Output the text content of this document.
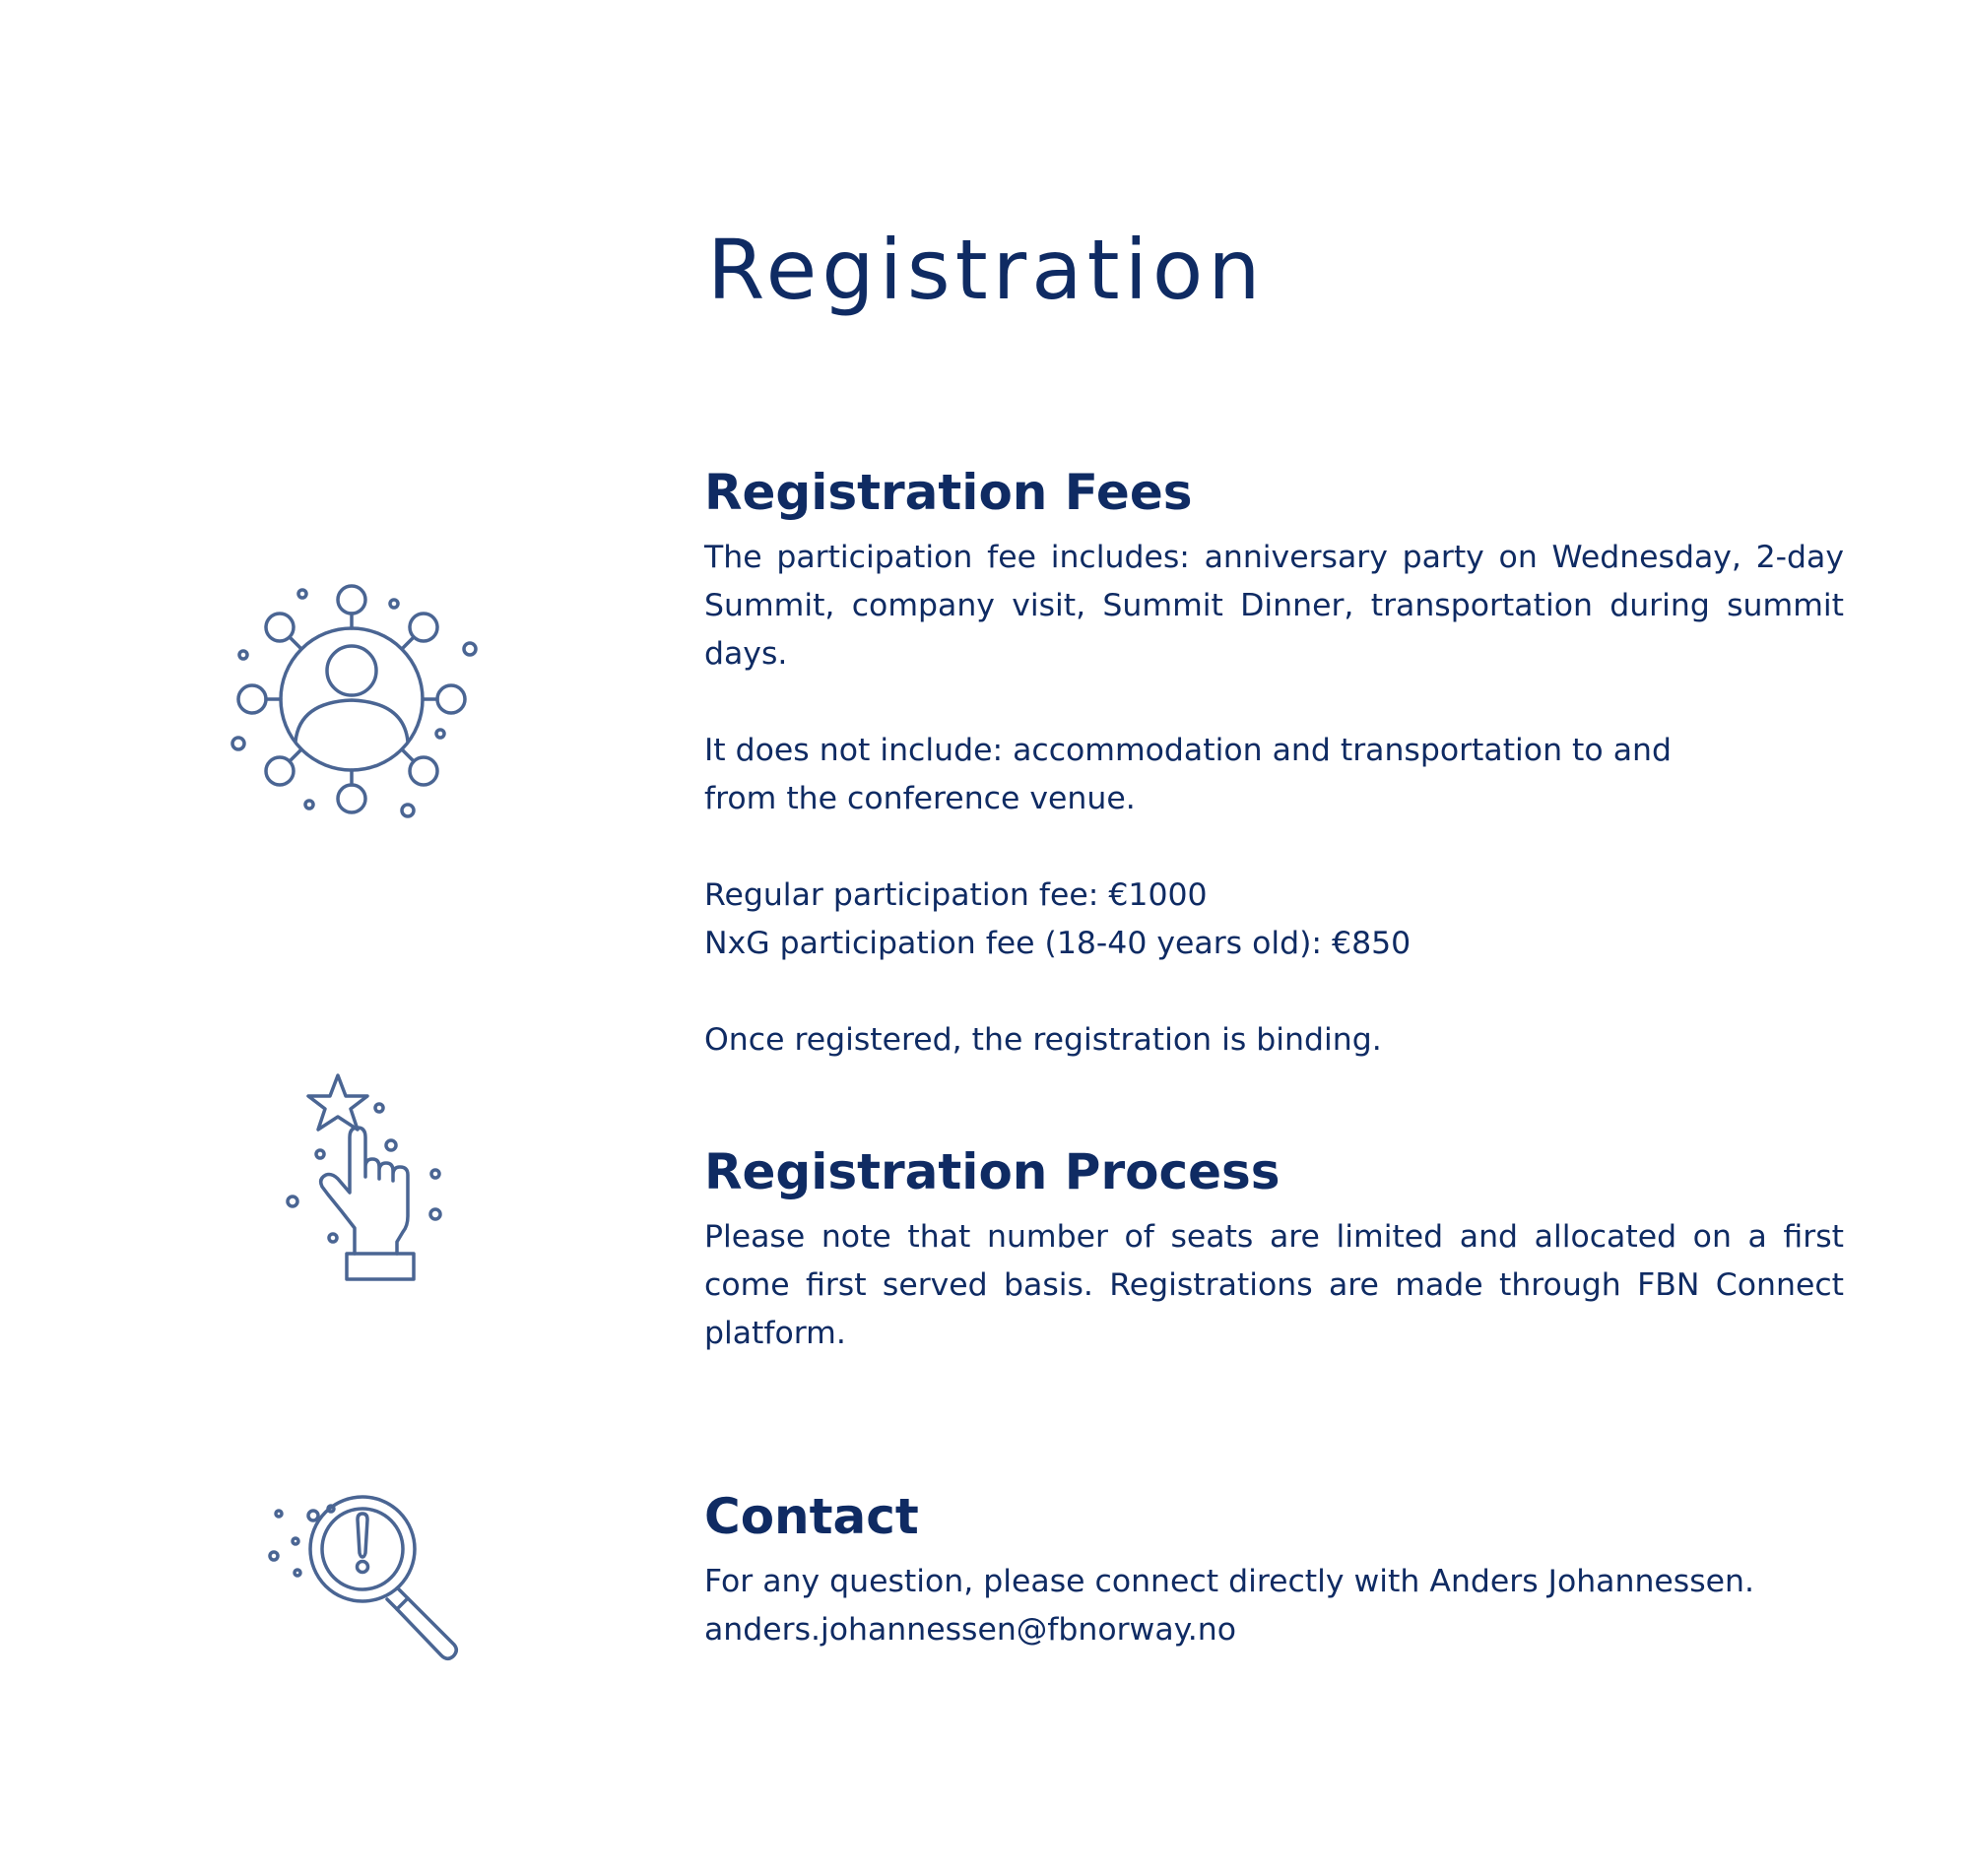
Registration
Registration Fees

The participation fee includes: anniversary party on Wednesday, 2-day Summit, company visit, Summit Dinner, transportation during summit days.

It does not include: accommodation and transportation to and

from the conference venue.

Regular participation fee: €1000

NxG participation fee (18-40 years old): €850

Once registered, the registration is binding.

Registration Process

Please note that number of seats are limited and allocated on a first come first served basis. Registrations are made through FBN Connect platform.

Contact

For any question, please connect directly with Anders Johannessen.

anders.johannessen@fbnorway.no
